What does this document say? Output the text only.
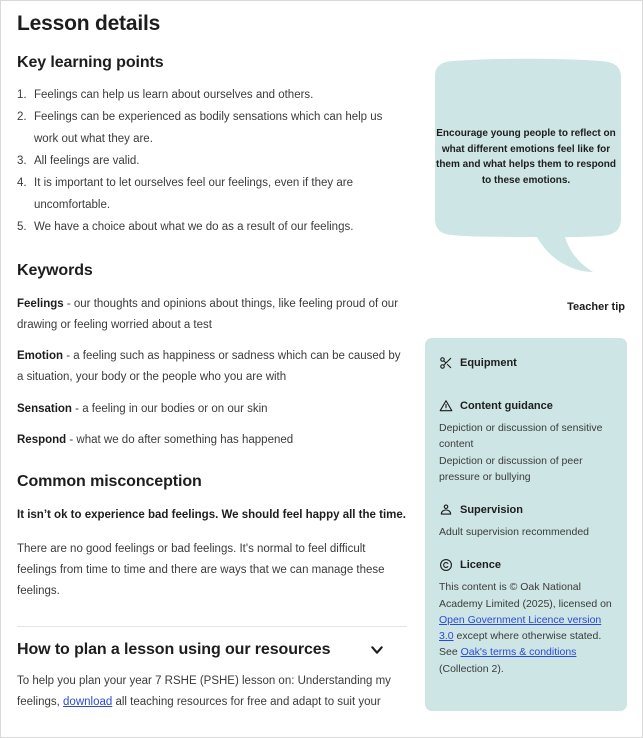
Lesson details
Key learning points
Feelings can help us learn about ourselves and others.
Feelings can be experienced as bodily sensations which can help us work out what they are.
All feelings are valid.
It is important to let ourselves feel our feelings, even if they are uncomfortable.
We have a choice about what we do as a result of our feelings.
Keywords

Feelings - our thoughts and opinions about things, like feeling proud of our drawing or feeling worried about a test

Emotion - a feeling such as happiness or sadness which can be caused by a situation, your body or the people who you are with

Sensation - a feeling in our bodies or on our skin

Respond - what we do after something has happened

Common misconception

It isn’t ok to experience bad feelings. We should feel happy all the time.

There are no good feelings or bad feelings. It's normal to feel difficult feelings from time to time and there are ways that we can manage these feelings.

How to plan a lesson using our resources

To help you plan your year 7 RSHE (PSHE) lesson on: Understanding my feelings, download all teaching resources for free and adapt to suit your

Encourage young people to reflect on what different emotions feel like for them and what helps them to respond to these emotions.
Teacher tip
Equipment
Content guidance
Depiction or discussion of sensitive content
Depiction or discussion of peer pressure or bullying
Supervision
Adult supervision recommended
Licence
This content is © Oak National Academy Limited (2025), licensed on Open Government Licence version 3.0 except where otherwise stated. See Oak's terms & conditions (Collection 2).
